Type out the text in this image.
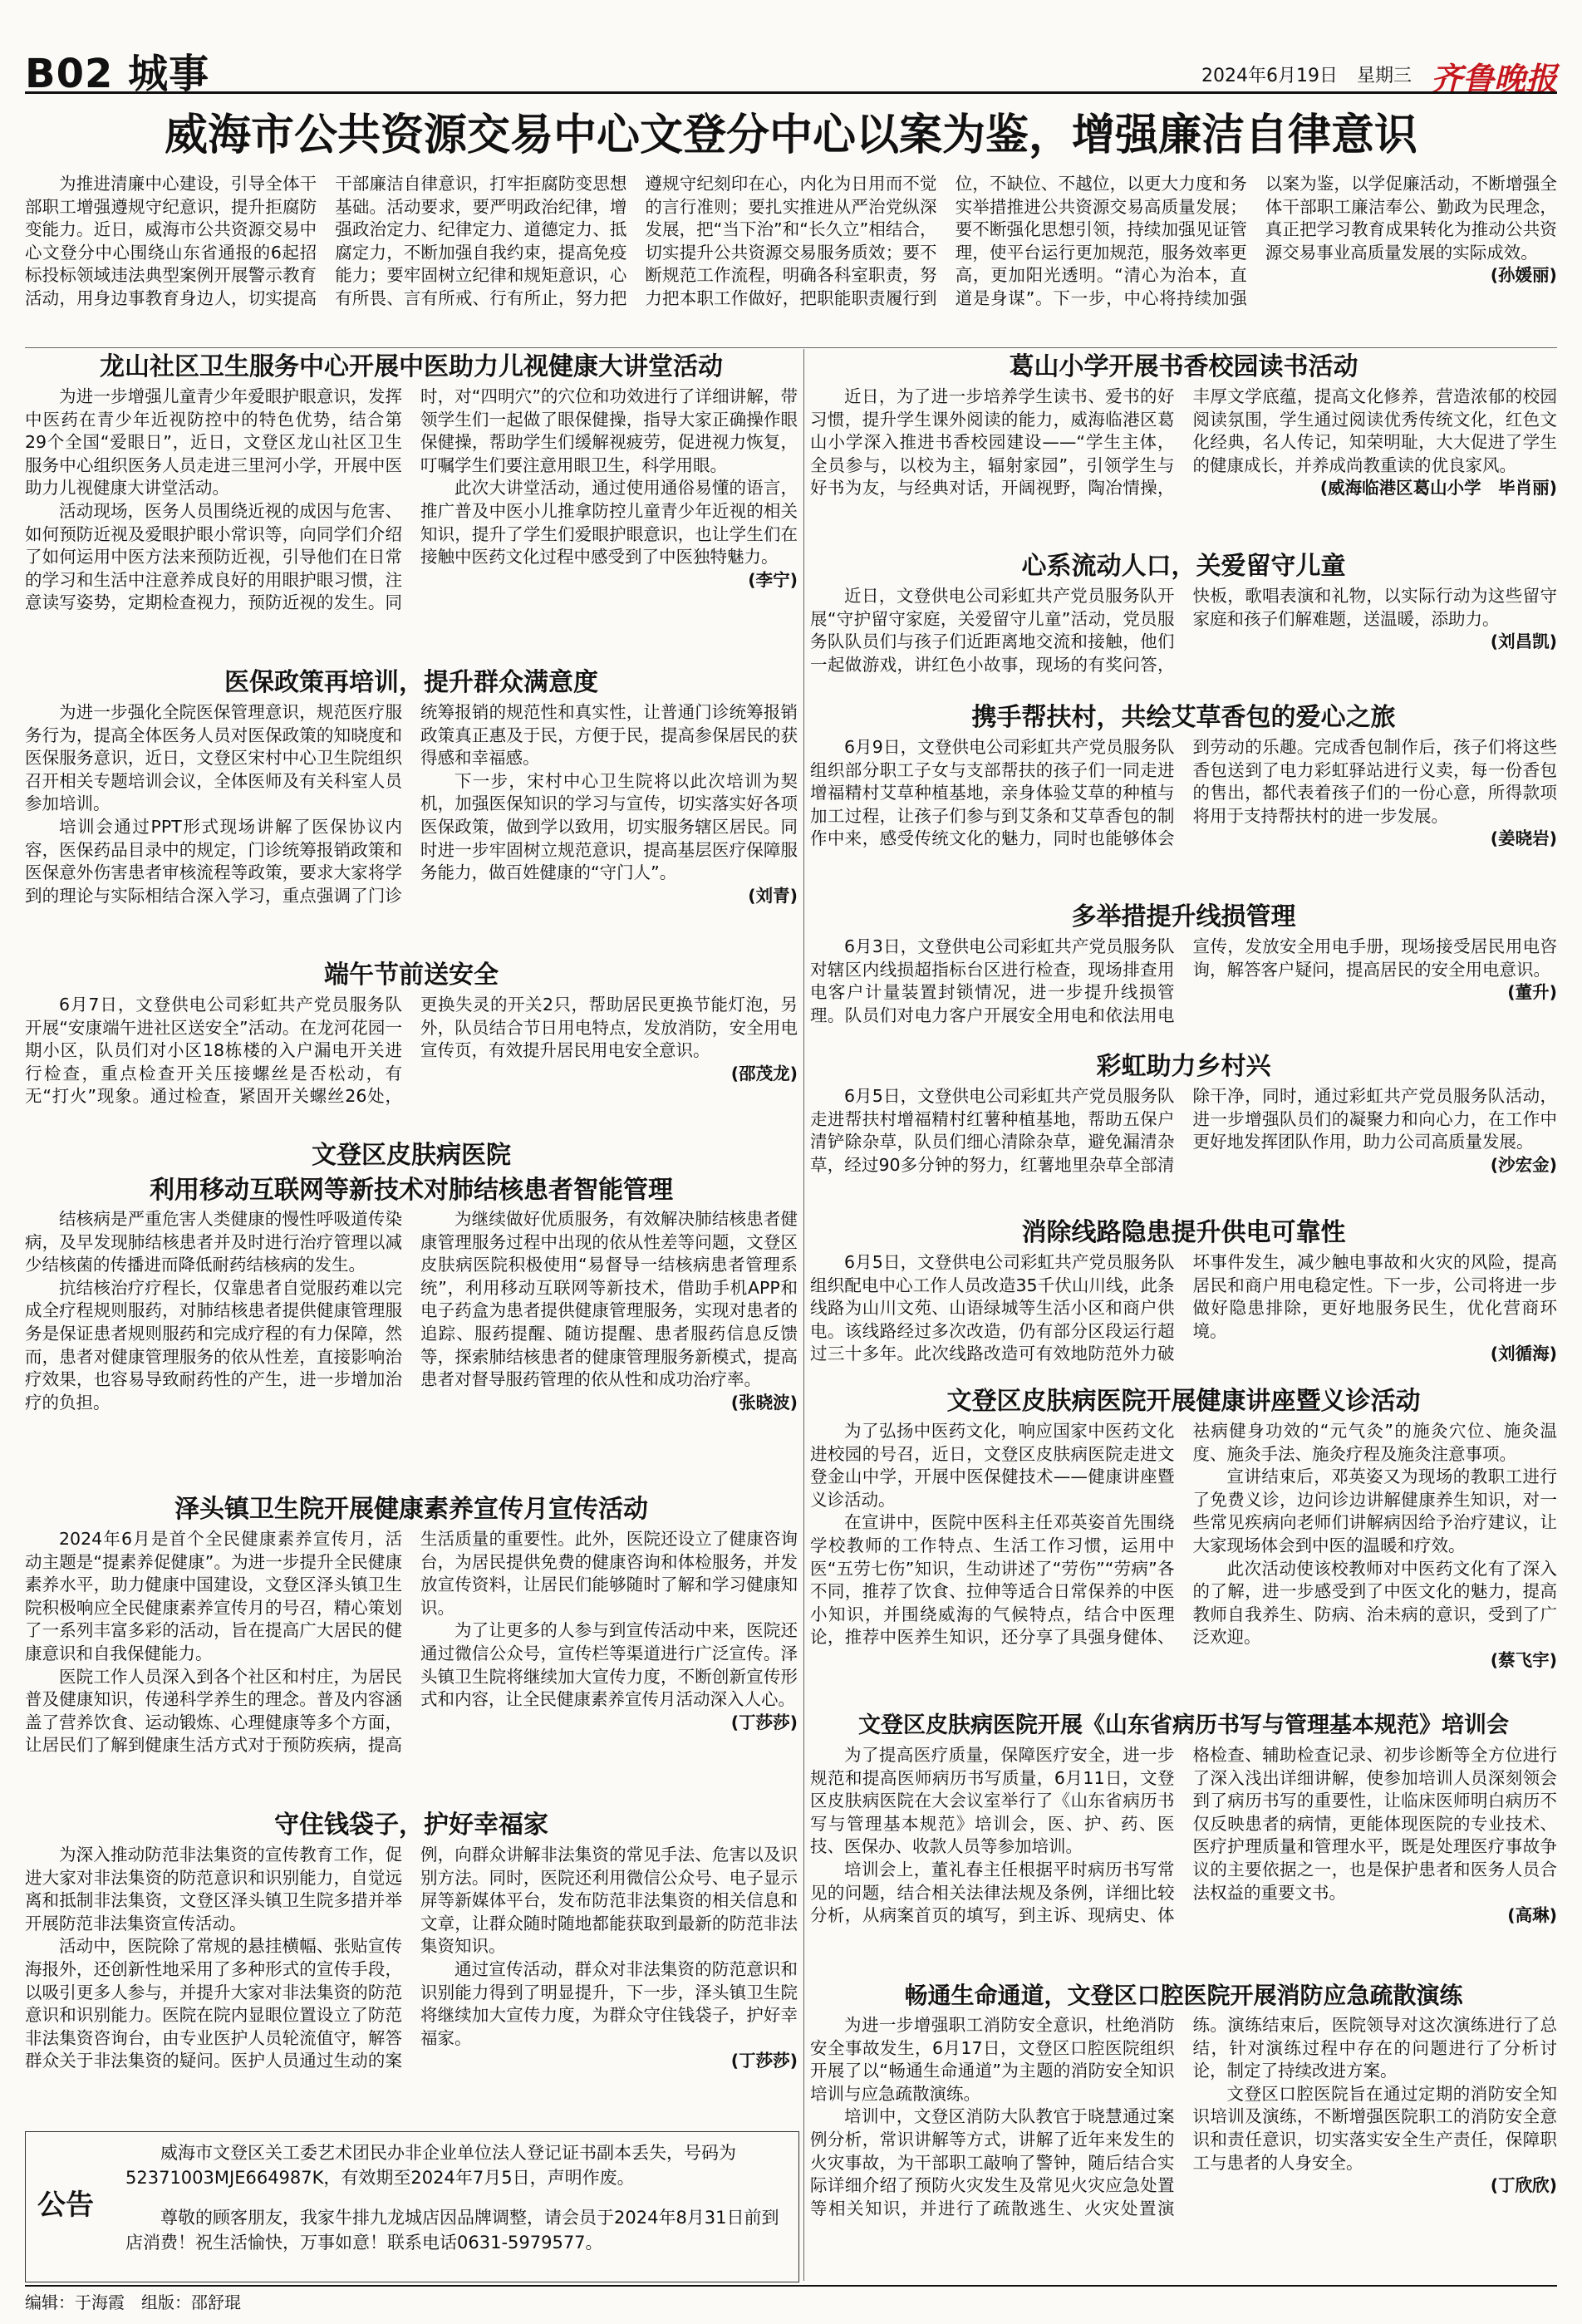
B02 城事	2024年6月19日 星期三 齐鲁晚报
威海市公共资源交易中心文登分中心以案为鉴，增强廉洁自律意识

为推进清廉中心建设，引导全体干部职工增强遵规守纪意识，提升拒腐防变能力。近日，威海市公共资源交易中心文登分中心围绕山东省通报的6起招标投标领域违法典型案例开展警示教育活动，用身边事教育身边人，切实提高干部廉洁自律意识，打牢拒腐防变思想基础。活动要求，要严明政治纪律，增强政治定力、纪律定力、道德定力、抵腐定力，不断加强自我约束，提高免疫能力；要牢固树立纪律和规矩意识，心有所畏、言有所戒、行有所止，努力把遵规守纪刻印在心，内化为日用而不觉的言行准则；要扎实推进从严治党纵深发展，把“当下治”和“长久立”相结合，切实提升公共资源交易服务质效；要不断规范工作流程，明确各科室职责，努力把本职工作做好，把职能职责履行到位，不缺位、不越位，以更大力度和务实举措推进公共资源交易高质量发展；要不断强化思想引领，持续加强见证管理，使平台运行更加规范，服务效率更高，更加阳光透明。“清心为治本，直道是身谋”。下一步，中心将持续加强以案为鉴，以学促廉活动，不断增强全体干部职工廉洁奉公、勤政为民理念，真正把学习教育成果转化为推动公共资源交易事业高质量发展的实际成效。
(孙媛丽)

龙山社区卫生服务中心开展中医助力儿视健康大讲堂活动

为进一步增强儿童青少年爱眼护眼意识，发挥中医药在青少年近视防控中的特色优势，结合第29个全国“爱眼日”，近日，文登区龙山社区卫生服务中心组织医务人员走进三里河小学，开展中医助力儿视健康大讲堂活动。

活动现场，医务人员围绕近视的成因与危害、如何预防近视及爱眼护眼小常识等，向同学们介绍了如何运用中医方法来预防近视，引导他们在日常的学习和生活中注意养成良好的用眼护眼习惯，注意读写姿势，定期检查视力，预防近视的发生。同时，对“四明穴”的穴位和功效进行了详细讲解，带领学生们一起做了眼保健操，指导大家正确操作眼保健操，帮助学生们缓解视疲劳，促进视力恢复，叮嘱学生们要注意用眼卫生，科学用眼。

此次大讲堂活动，通过使用通俗易懂的语言，推广普及中医小儿推拿防控儿童青少年近视的相关知识，提升了学生们爱眼护眼意识，也让学生们在接触中医药文化过程中感受到了中医独特魅力。
(李宁)

医保政策再培训，提升群众满意度

为进一步强化全院医保管理意识，规范医疗服务行为，提高全体医务人员对医保政策的知晓度和医保服务意识，近日，文登区宋村中心卫生院组织召开相关专题培训会议，全体医师及有关科室人员参加培训。

培训会通过PPT形式现场讲解了医保协议内容，医保药品目录中的规定，门诊统筹报销政策和医保意外伤害患者审核流程等政策，要求大家将学到的理论与实际相结合深入学习，重点强调了门诊统筹报销的规范性和真实性，让普通门诊统筹报销政策真正惠及于民，方便于民，提高参保居民的获得感和幸福感。

下一步，宋村中心卫生院将以此次培训为契机，加强医保知识的学习与宣传，切实落实好各项医保政策，做到学以致用，切实服务辖区居民。同时进一步牢固树立规范意识，提高基层医疗保障服务能力，做百姓健康的“守门人”。
(刘青)

端午节前送安全

6月7日，文登供电公司彩虹共产党员服务队开展“安康端午进社区送安全”活动。在龙河花园一期小区，队员们对小区18栋楼的入户漏电开关进行检查，重点检查开关压接螺丝是否松动，有无“打火”现象。通过检查，紧固开关螺丝26处，更换失灵的开关2只，帮助居民更换节能灯泡，另外，队员结合节日用电特点，发放消防，安全用电宣传页，有效提升居民用电安全意识。
(邵茂龙)

文登区皮肤病医院
利用移动互联网等新技术对肺结核患者智能管理

结核病是严重危害人类健康的慢性呼吸道传染病，及早发现肺结核患者并及时进行治疗管理以减少结核菌的传播进而降低耐药结核病的发生。

抗结核治疗疗程长，仅靠患者自觉服药难以完成全疗程规则服药，对肺结核患者提供健康管理服务是保证患者规则服药和完成疗程的有力保障，然而，患者对健康管理服务的依从性差，直接影响治疗效果，也容易导致耐药性的产生，进一步增加治疗的负担。

为继续做好优质服务，有效解决肺结核患者健康管理服务过程中出现的依从性差等问题，文登区皮肤病医院积极使用“易督导一结核病患者管理系统”，利用移动互联网等新技术，借助手机APP和电子药盒为患者提供健康管理服务，实现对患者的追踪、服药提醒、随访提醒、患者服药信息反馈等，探索肺结核患者的健康管理服务新模式，提高患者对督导服药管理的依从性和成功治疗率。
(张晓波)

泽头镇卫生院开展健康素养宣传月宣传活动

2024年6月是首个全民健康素养宣传月，活动主题是“提素养促健康”。为进一步提升全民健康素养水平，助力健康中国建设，文登区泽头镇卫生院积极响应全民健康素养宣传月的号召，精心策划了一系列丰富多彩的活动，旨在提高广大居民的健康意识和自我保健能力。

医院工作人员深入到各个社区和村庄，为居民普及健康知识，传递科学养生的理念。普及内容涵盖了营养饮食、运动锻炼、心理健康等多个方面，让居民们了解到健康生活方式对于预防疾病，提高生活质量的重要性。此外，医院还设立了健康咨询台，为居民提供免费的健康咨询和体检服务，并发放宣传资料，让居民们能够随时了解和学习健康知识。

为了让更多的人参与到宣传活动中来，医院还通过微信公众号，宣传栏等渠道进行广泛宣传。泽头镇卫生院将继续加大宣传力度，不断创新宣传形式和内容，让全民健康素养宣传月活动深入人心。
(丁莎莎)

守住钱袋子，护好幸福家

为深入推动防范非法集资的宣传教育工作，促进大家对非法集资的防范意识和识别能力，自觉远离和抵制非法集资，文登区泽头镇卫生院多措并举开展防范非法集资宣传活动。

活动中，医院除了常规的悬挂横幅、张贴宣传海报外，还创新性地采用了多种形式的宣传手段，以吸引更多人参与，并提升大家对非法集资的防范意识和识别能力。医院在院内显眼位置设立了防范非法集资咨询台，由专业医护人员轮流值守，解答群众关于非法集资的疑问。医护人员通过生动的案例，向群众讲解非法集资的常见手法、危害以及识别方法。同时，医院还利用微信公众号、电子显示屏等新媒体平台，发布防范非法集资的相关信息和文章，让群众随时随地都能获取到最新的防范非法集资知识。

通过宣传活动，群众对非法集资的防范意识和识别能力得到了明显提升，下一步，泽头镇卫生院将继续加大宣传力度，为群众守住钱袋子，护好幸福家。
(丁莎莎)

公告

威海市文登区关工委艺术团民办非企业单位法人登记证书副本丢失，号码为52371003MJE664987K，有效期至2024年7月5日，声明作废。

尊敬的顾客朋友，我家牛排九龙城店因品牌调整，请会员于2024年8月31日前到店消费！祝生活愉快，万事如意！联系电话0631-5979577。

葛山小学开展书香校园读书活动

近日，为了进一步培养学生读书、爱书的好习惯，提升学生课外阅读的能力，威海临港区葛山小学深入推进书香校园建设——“学生主体，全员参与，以校为主，辐射家园”，引领学生与好书为友，与经典对话，开阔视野，陶冶情操，丰厚文学底蕴，提高文化修养，营造浓郁的校园阅读氛围，学生通过阅读优秀传统文化，红色文化经典，名人传记，知荣明耻，大大促进了学生的健康成长，并养成尚教重读的优良家风。
(威海临港区葛山小学　毕肖丽)

心系流动人口，关爱留守儿童

近日，文登供电公司彩虹共产党员服务队开展“守护留守家庭，关爱留守儿童”活动，党员服务队队员们与孩子们近距离地交流和接触，他们一起做游戏，讲红色小故事，现场的有奖问答，快板，歌唱表演和礼物，以实际行动为这些留守家庭和孩子们解难题，送温暖，添助力。
(刘昌凯)

携手帮扶村，共绘艾草香包的爱心之旅

6月9日，文登供电公司彩虹共产党员服务队组织部分职工子女与支部帮扶的孩子们一同走进增福精村艾草种植基地，亲身体验艾草的种植与加工过程，让孩子们参与到艾条和艾草香包的制作中来，感受传统文化的魅力，同时也能够体会到劳动的乐趣。完成香包制作后，孩子们将这些香包送到了电力彩虹驿站进行义卖，每一份香包的售出，都代表着孩子们的一份心意，所得款项将用于支持帮扶村的进一步发展。
(姜晓岩)

多举措提升线损管理

6月3日，文登供电公司彩虹共产党员服务队对辖区内线损超指标台区进行检查，现场排查用电客户计量装置封锁情况，进一步提升线损管理。队员们对电力客户开展安全用电和依法用电宣传，发放安全用电手册，现场接受居民用电咨询，解答客户疑问，提高居民的安全用电意识。
(董升)

彩虹助力乡村兴

6月5日，文登供电公司彩虹共产党员服务队走进帮扶村增福精村红薯种植基地，帮助五保户清铲除杂草，队员们细心清除杂草，避免漏清杂草，经过90多分钟的努力，红薯地里杂草全部清除干净，同时，通过彩虹共产党员服务队活动，进一步增强队员们的凝聚力和向心力，在工作中更好地发挥团队作用，助力公司高质量发展。
(沙宏金)

消除线路隐患提升供电可靠性

6月5日，文登供电公司彩虹共产党员服务队组织配电中心工作人员改造35千伏山川线，此条线路为山川文苑、山语绿城等生活小区和商户供电。该线路经过多次改造，仍有部分区段运行超过三十多年。此次线路改造可有效地防范外力破坏事件发生，减少触电事故和火灾的风险，提高居民和商户用电稳定性。下一步，公司将进一步做好隐患排除，更好地服务民生，优化营商环境。
(刘循海)

文登区皮肤病医院开展健康讲座暨义诊活动

为了弘扬中医药文化，响应国家中医药文化进校园的号召，近日，文登区皮肤病医院走进文登金山中学，开展中医保健技术——健康讲座暨义诊活动。

在宣讲中，医院中医科主任邓英姿首先围绕学校教师的工作特点、生活工作习惯，运用中医“五劳七伤”知识，生动讲述了“劳伤”“劳病”各不同，推荐了饮食、拉伸等适合日常保养的中医小知识，并围绕威海的气候特点，结合中医理论，推荐中医养生知识，还分享了具强身健体、祛病健身功效的“元气灸”的施灸穴位、施灸温度、施灸手法、施灸疗程及施灸注意事项。

宣讲结束后，邓英姿又为现场的教职工进行了免费义诊，边问诊边讲解健康养生知识，对一些常见疾病向老师们讲解病因给予治疗建议，让大家现场体会到中医的温暖和疗效。

此次活动使该校教师对中医药文化有了深入的了解，进一步感受到了中医文化的魅力，提高教师自我养生、防病、治未病的意识，受到了广泛欢迎。
(蔡飞宇)

文登区皮肤病医院开展《山东省病历书写与管理基本规范》培训会

为了提高医疗质量，保障医疗安全，进一步规范和提高医师病历书写质量，6月11日，文登区皮肤病医院在大会议室举行了《山东省病历书写与管理基本规范》培训会，医、护、药、医技、医保办、收款人员等参加培训。

培训会上，董礼春主任根据平时病历书写常见的问题，结合相关法律法规及条例，详细比较分析，从病案首页的填写，到主诉、现病史、体格检查、辅助检查记录、初步诊断等全方位进行了深入浅出详细讲解，使参加培训人员深刻领会到了病历书写的重要性，让临床医师明白病历不仅反映患者的病情，更能体现医院的专业技术、医疗护理质量和管理水平，既是处理医疗事故争议的主要依据之一，也是保护患者和医务人员合法权益的重要文书。
(高琳)

畅通生命通道，文登区口腔医院开展消防应急疏散演练

为进一步增强职工消防安全意识，杜绝消防安全事故发生，6月17日，文登区口腔医院组织开展了以“畅通生命通道”为主题的消防安全知识培训与应急疏散演练。

培训中，文登区消防大队教官于晓慧通过案例分析，常识讲解等方式，讲解了近年来发生的火灾事故，为干部职工敲响了警钟，随后结合实际详细介绍了预防火灾发生及常见火灾应急处置等相关知识，并进行了疏散逃生、火灾处置演练。演练结束后，医院领导对这次演练进行了总结，针对演练过程中存在的问题进行了分析讨论，制定了持续改进方案。

文登区口腔医院旨在通过定期的消防安全知识培训及演练，不断增强医院职工的消防安全意识和责任意识，切实落实安全生产责任，保障职工与患者的人身安全。
(丁欣欣)

编辑：于海霞　组版：邵舒琨
